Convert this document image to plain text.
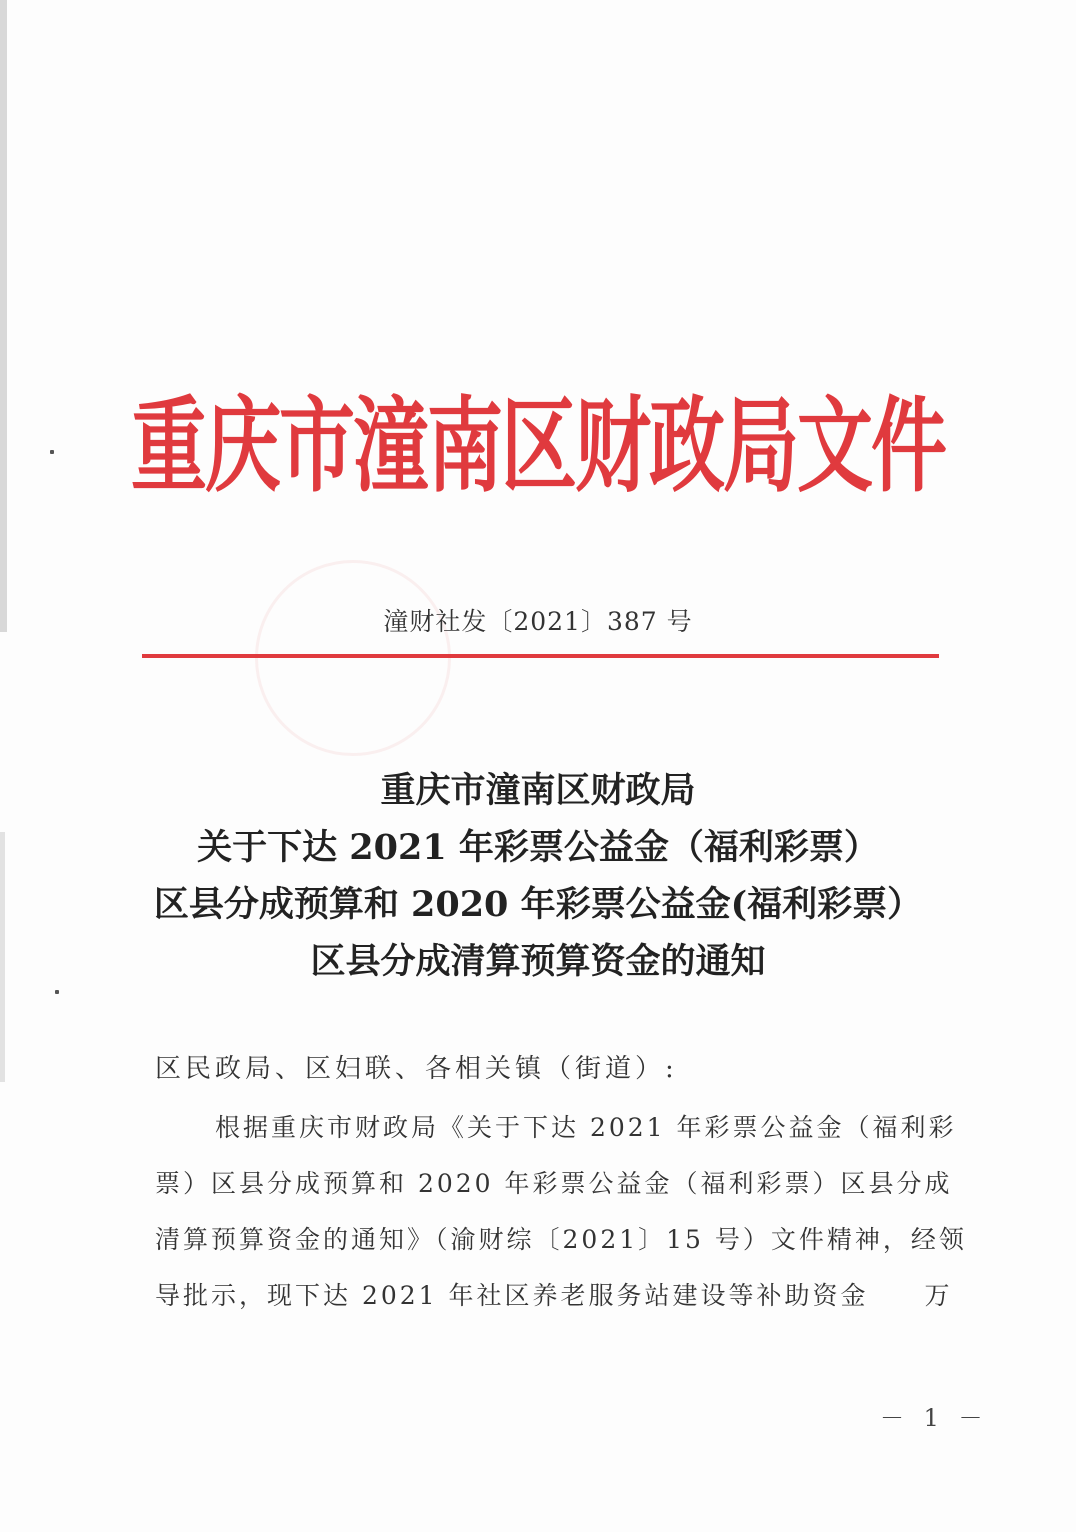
重庆市潼南区财政局文件
潼财社发〔2021〕387 号
重庆市潼南区财政局
关于下达 2021 年彩票公益金（福利彩票）
区县分成预算和 2020 年彩票公益金(福利彩票）
区县分成清算预算资金的通知
区民政局、区妇联、各相关镇（街道）:
根据重庆市财政局《关于下达 2021 年彩票公益金（福利彩
票）区县分成预算和 2020 年彩票公益金（福利彩票）区县分成
清算预算资金的通知》（渝财综〔2021〕15 号）文件精神，经领
导批示，现下达 2021 年社区养老服务站建设等补助资金　　万
－ 1 －
